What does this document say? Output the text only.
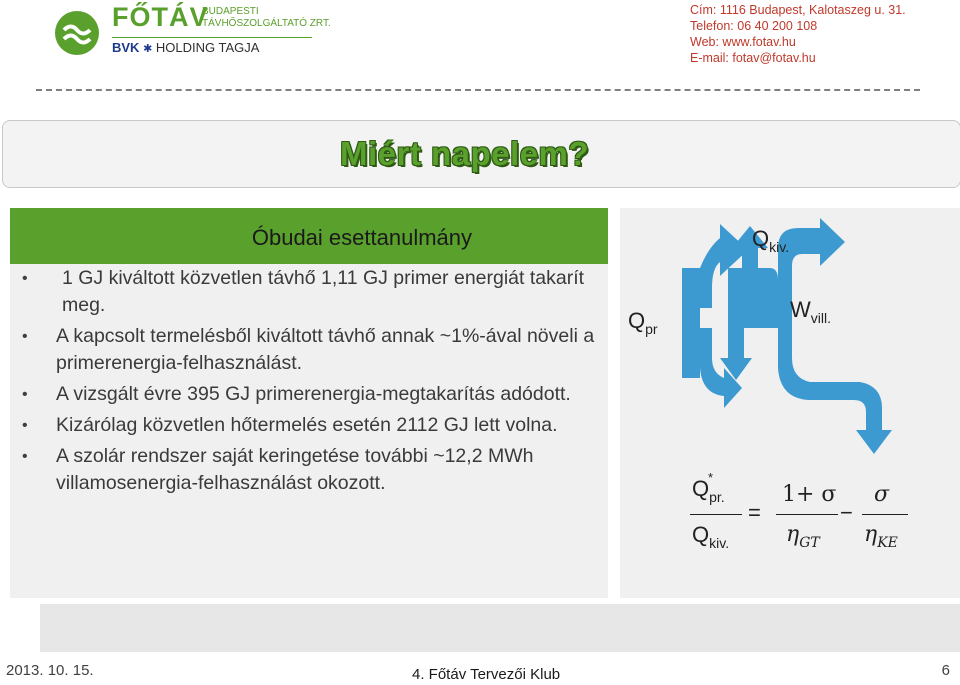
FŐTÁV
BUDAPESTI
TÁVHŐSZOLGÁLTATÓ ZRT.
BVK ✱ HOLDING TAGJA
Cím: 1116 Budapest, Kalotaszeg u. 31.
Telefon: 06 40 200 108
Web: www.fotav.hu
E-mail: fotav@fotav.hu
Miért napelem?
Óbudai esettanulmány
• 1 GJ kiváltott közvetlen távhő 1,11 GJ primer energiát takarít meg.
• A kapcsolt termelésből kiváltott távhő annak ~1%-ával növeli a primerenergia-felhasználást.
• A vizsgált évre 395 GJ primerenergia-megtakarítás adódott.
• Kizárólag közvetlen hőtermelés esetén 2112 GJ lett volna.
• A szolár rendszer saját keringetése további ~12,2 MWh villamosenergia-felhasználást okozott.
$Q_{pr}$
$Q_{kiv.}$
$W_{vill.}$
Q
*
$_{pr.}$
$Q_{kiv.}$
=
1+ σ
$\eta_{GT}$
−
σ
$\eta_{KE}$
2013. 10. 15.	4. Főtáv Tervezői Klub	6
